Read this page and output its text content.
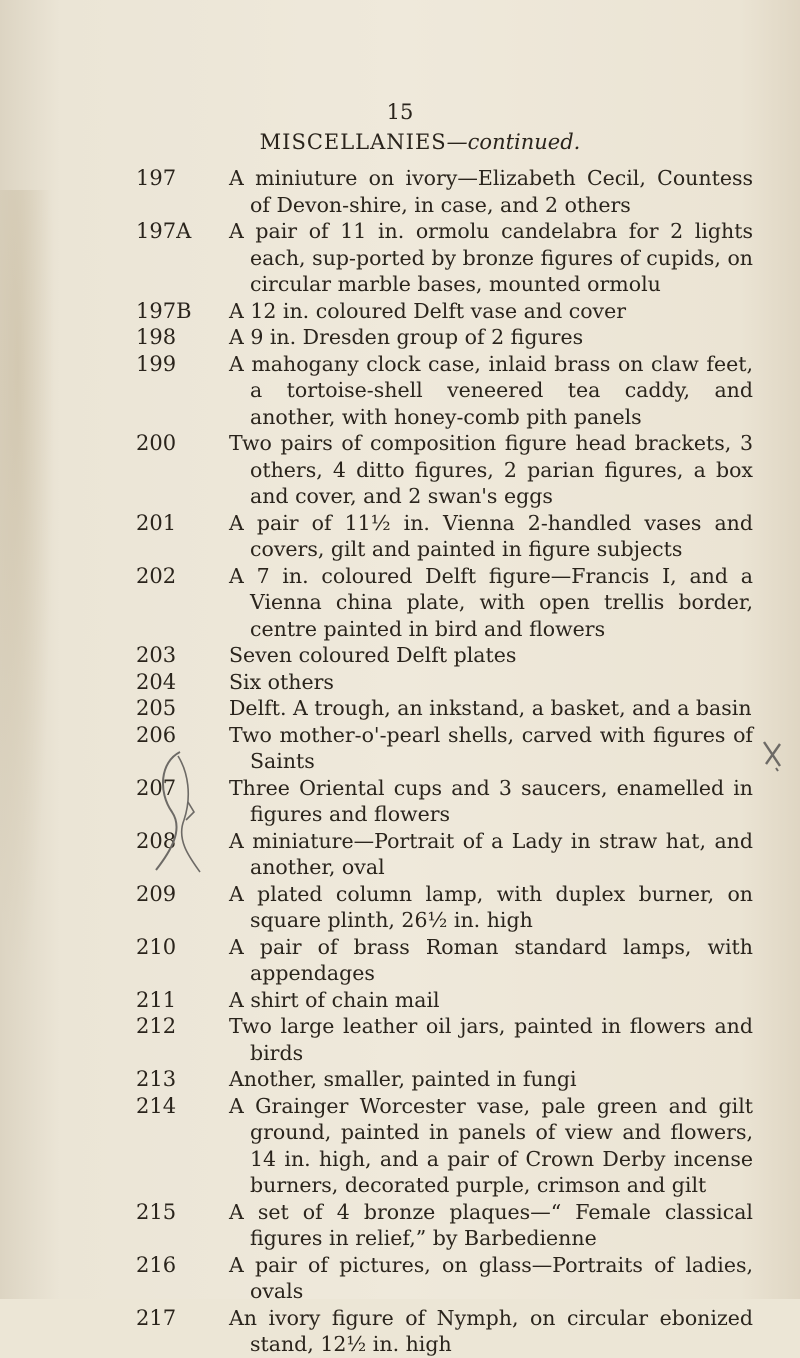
15
MISCELLANIES—continued.
197	A miniuture on ivory—Elizabeth Cecil, Countess of Devon-shire, in case, and 2 others
197A	A pair of 11 in. ormolu candelabra for 2 lights each, sup-ported by bronze figures of cupids, on circular marble bases, mounted ormolu
197B	A 12 in. coloured Delft vase and cover
198	A 9 in. Dresden group of 2 figures
199	A mahogany clock case, inlaid brass on claw feet, a tortoise-shell veneered tea caddy, and another, with honey-comb pith panels
200	Two pairs of composition figure head brackets, 3 others, 4 ditto figures, 2 parian figures, a box and cover, and 2 swan's eggs
201	A pair of 11½ in. Vienna 2-handled vases and covers, gilt and painted in figure subjects
202	A 7 in. coloured Delft figure—Francis I, and a Vienna china plate, with open trellis border, centre painted in bird and flowers
203	Seven coloured Delft plates
204	Six others
205	Delft. A trough, an inkstand, a basket, and a basin
206	Two mother-o'-pearl shells, carved with figures of Saints
207	Three Oriental cups and 3 saucers, enamelled in figures and flowers
208	A miniature—Portrait of a Lady in straw hat, and another, oval
209	A plated column lamp, with duplex burner, on square plinth, 26½ in. high
210	A pair of brass Roman standard lamps, with appendages
211	A shirt of chain mail
212	Two large leather oil jars, painted in flowers and birds
213	Another, smaller, painted in fungi
214	A Grainger Worcester vase, pale green and gilt ground, painted in panels of view and flowers, 14 in. high, and a pair of Crown Derby incense burners, decorated purple, crimson and gilt
215	A set of 4 bronze plaques—“ Female classical figures in relief,” by Barbedienne
216	A pair of pictures, on glass—Portraits of ladies, ovals
217	An ivory figure of Nymph, on circular ebonized stand, 12½ in. high
